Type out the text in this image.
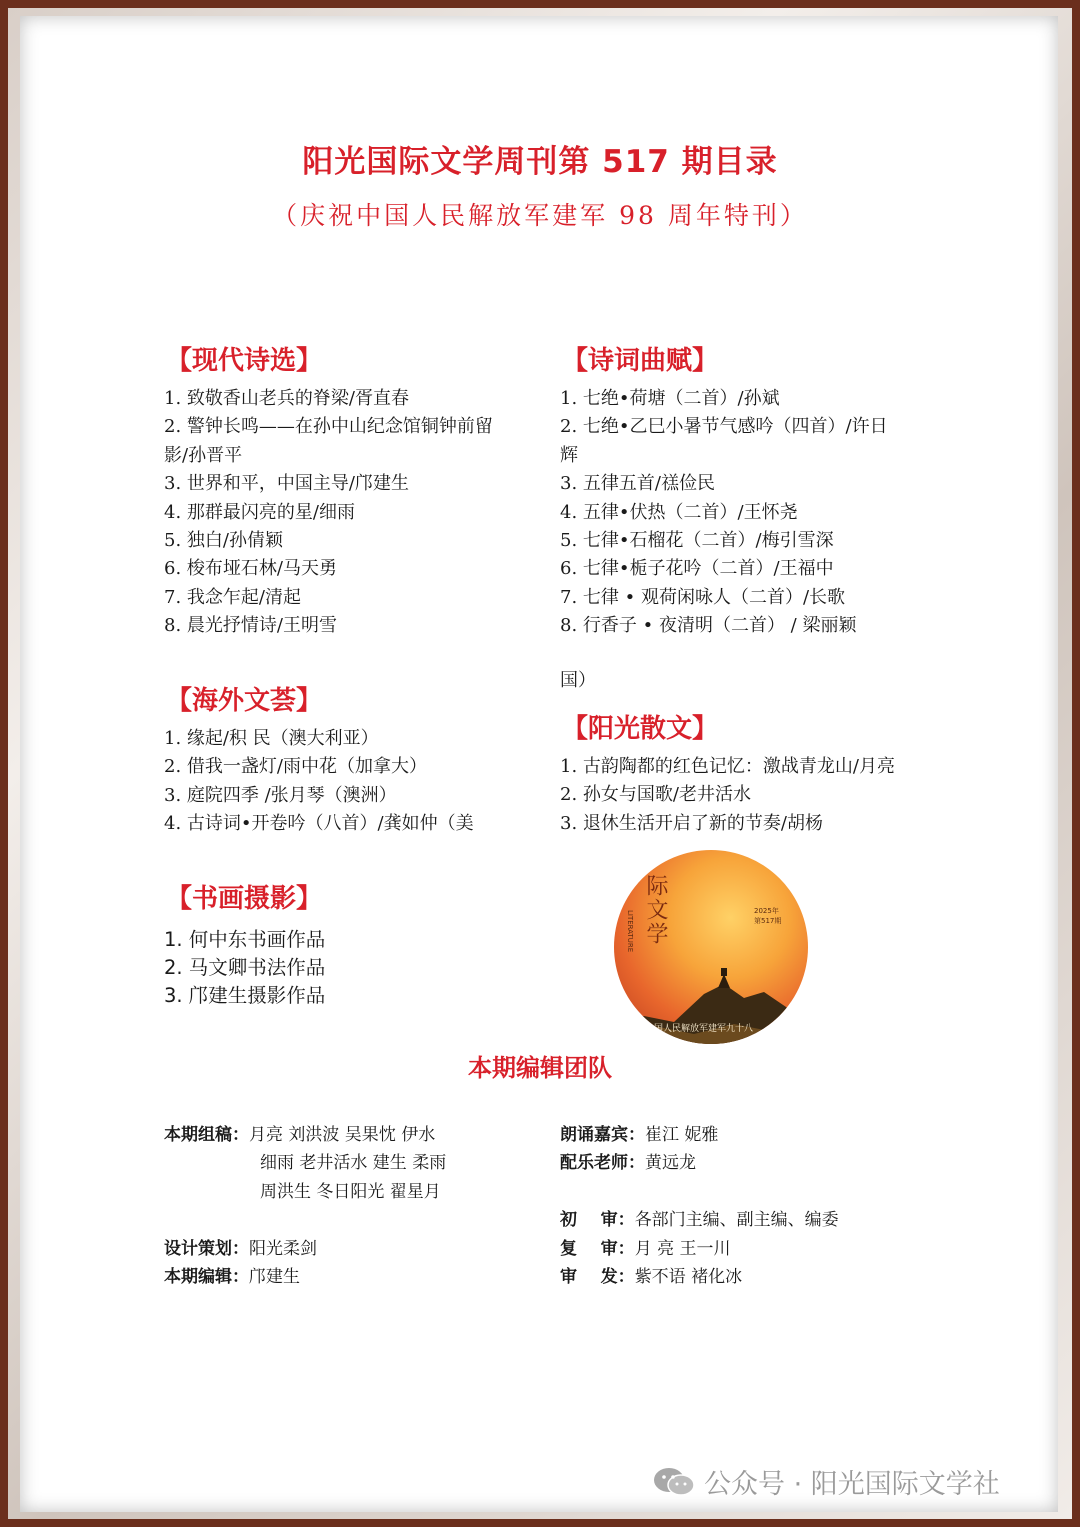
阳光国际文学周刊第 517 期目录
（庆祝中国人民解放军建军 98 周年特刊）
【现代诗选】
1. 致敬香山老兵的脊梁/胥直春
2. 警钟长鸣——在孙中山纪念馆铜钟前留
影/孙晋平
3. 世界和平，中国主导/邝建生
4. 那群最闪亮的星/细雨
5. 独白/孙倩颖
6. 梭布垭石林/马天勇
7. 我念乍起/清起
8. 晨光抒情诗/王明雪
【海外文荟】
1. 缘起/积 民（澳大利亚）
2. 借我一盏灯/雨中花（加拿大）
3. 庭院四季 /张月琴（澳洲）
4. 古诗词•开卷吟（八首）/龚如仲（美
【书画摄影】
1. 何中东书画作品
2. 马文卿书法作品
3. 邝建生摄影作品
【诗词曲赋】
1. 七绝•荷塘（二首）/孙斌
2. 七绝•乙巳小暑节气感吟（四首）/许日
辉
3. 五律五首/禚俭民
4. 五律•伏热（二首）/王怀尧
5. 七律•石榴花（二首）/梅引雪深
6. 七律•栀子花吟（二首）/王福中
7. 七律 • 观荷闲咏人（二首）/长歌
8. 行香子 • 夜清明（二首） / 梁丽颖
国）
【阳光散文】
1. 古韵陶都的红色记忆：激战青龙山/月亮
2. 孙女与国歌/老井活水
3. 退休生活开启了新的节奏/胡杨
际文学
LITERATURE	2025年
第517期
国人民解放军建军九十八
本期编辑团队
本期组稿：月亮 刘洪波 吴果忱 伊水
细雨 老井活水 建生 柔雨
周洪生 冬日阳光 翟星月
设计策划：阳光柔剑
本期编辑：邝建生
朗诵嘉宾：崔江 妮雅
配乐老师：黄远龙
初    审：各部门主编、副主编、编委
复    审：月 亮 王一川
审    发：紫不语 褚化冰
公众号 · 阳光国际文学社
